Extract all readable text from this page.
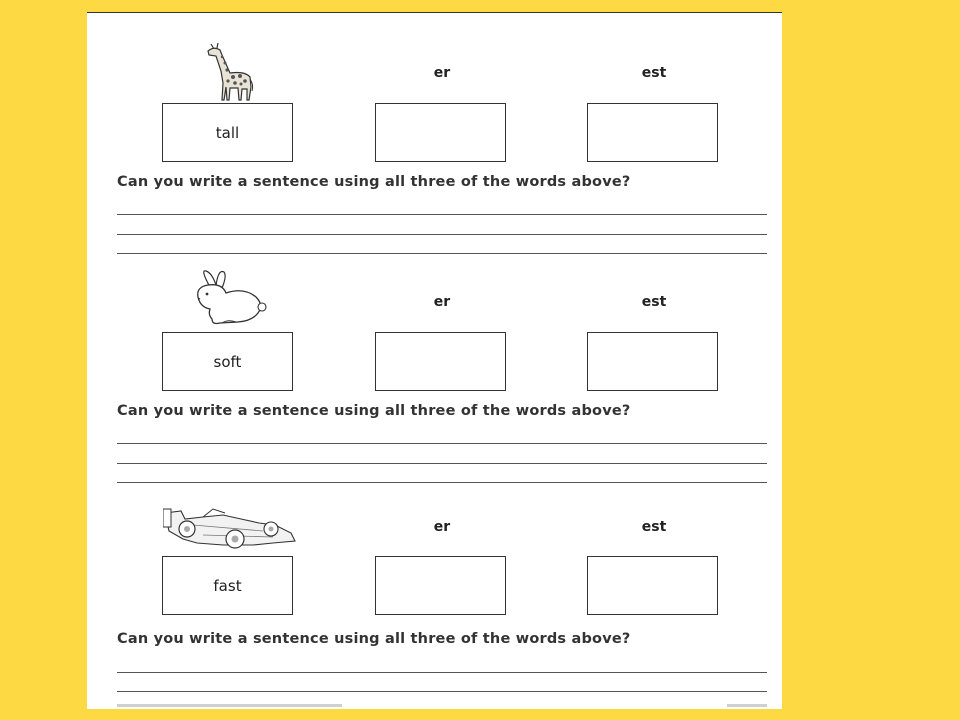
er	est
tall
Can you write a sentence using all three of the words above?
er	est
soft
Can you write a sentence using all three of the words above?
er	est
fast
Can you write a sentence using all three of the words above?
